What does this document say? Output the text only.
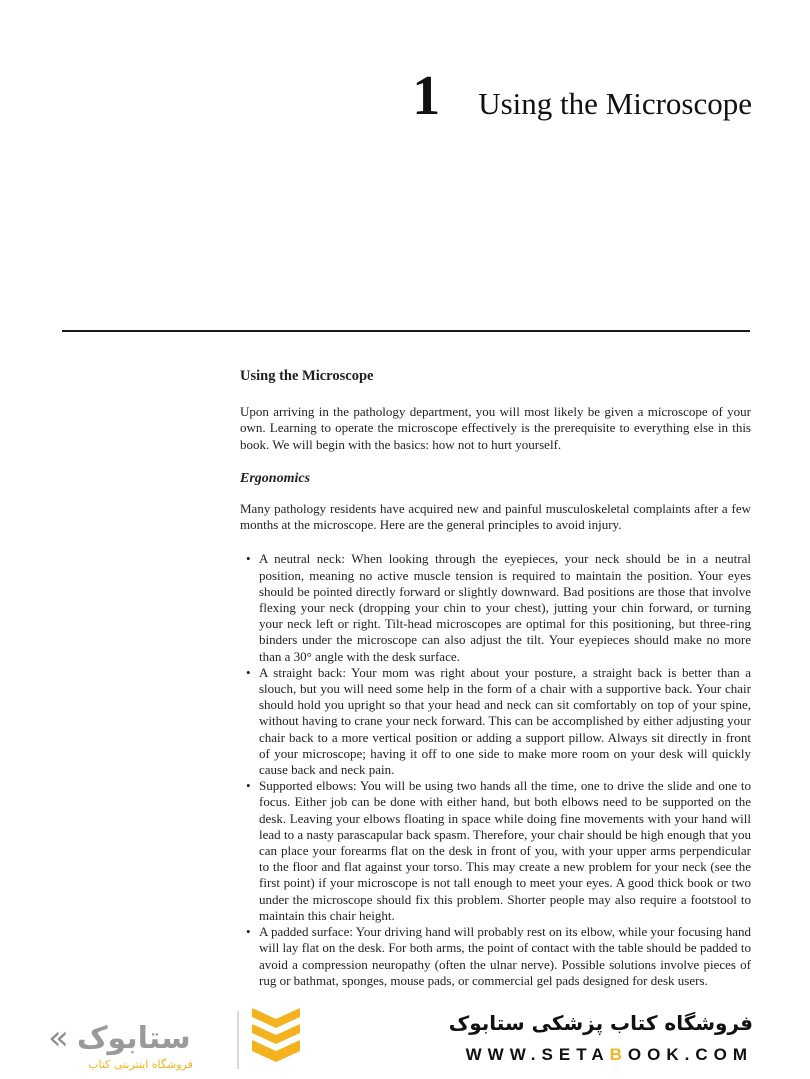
1 Using the Microscope
Using the Microscope

Upon arriving in the pathology department, you will most likely be given a microscope of your own. Learning to operate the microscope effectively is the prerequisite to everything else in this book. We will begin with the basics: how not to hurt yourself.

Ergonomics

Many pathology residents have acquired new and painful musculoskeletal complaints after a few months at the microscope. Here are the general principles to avoid injury.

• A neutral neck: When looking through the eyepieces, your neck should be in a neutral position, meaning no active muscle tension is required to maintain the position. Your eyes should be pointed directly forward or slightly downward. Bad positions are those that involve flexing your neck (dropping your chin to your chest), jutting your chin forward, or turning your neck left or right. Tilt-head microscopes are optimal for this positioning, but three-ring binders under the microscope can also adjust the tilt. Your eyepieces should make no more than a 30° angle with the desk surface.
• A straight back: Your mom was right about your posture, a straight back is better than a slouch, but you will need some help in the form of a chair with a supportive back. Your chair should hold you upright so that your head and neck can sit comfortably on top of your spine, without having to crane your neck forward. This can be accomplished by either adjusting your chair back to a more vertical position or adding a support pillow. Always sit directly in front of your microscope; having it off to one side to make more room on your desk will quickly cause back and neck pain.
• Supported elbows: You will be using two hands all the time, one to drive the slide and one to focus. Either job can be done with either hand, but both elbows need to be supported on the desk. Leaving your elbows floating in space while doing fine movements with your hand will lead to a nasty parascapular back spasm. Therefore, your chair should be high enough that you can place your forearms flat on the desk in front of you, with your upper arms perpendicular to the floor and flat against your torso. This may create a new problem for your neck (see the first point) if your microscope is not tall enough to meet your eyes. A good thick book or two under the microscope should fix this problem. Shorter people may also require a footstool to maintain this chair height.
• A padded surface: Your driving hand will probably rest on its elbow, while your focusing hand will lay flat on the desk. For both arms, the point of contact with the table should be padded to avoid a compression neuropathy (often the ulnar nerve). Possible solutions involve pieces of rug or bathmat, sponges, mouse pads, or commercial gel pads designed for desk users.
« ستابوک
فروشگاه اینترنتی کتاب
فروشگاه کتاب پزشکی ستابوک
WWW.SETABOOK.COM
